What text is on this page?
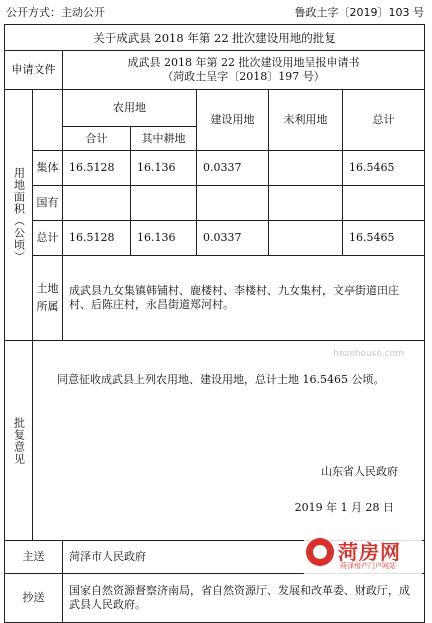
公开方式：主动公开	鲁政土字〔2019〕103 号
关于成武县 2018 年第 22 批次建设用地的批复						
申请文件		成武县 2018 年第 22 批次建设用地呈报申请书
（菏政土呈字〔2018〕197 号）				

用地面积（公顷）		农用地		建设用地	未利用地	总计
		合计	其中耕地			
	集体	16.5128	16.136	0.0337		16.5465
	国有					
	总计	16.5128	16.136	0.0337		16.5465

	土地所属	成武县九女集镇韩铺村、鹿楼村、李楼村、九女集村，文亭街道田庄村、后陈庄村，永昌街道郑河村。				

批复意见	同意征收成武县上列农用地、建设用地，总计土地 16.5465 公顷。
山东省人民政府
2019 年 1 月 28 日					

主送		菏泽市人民政府				
抄送		国家自然资源督察济南局，省自然资源厅、发展和改革委、财政厅，成武县人民政府。				
hezehouse.com
菏房网
菏泽房产门户网站
